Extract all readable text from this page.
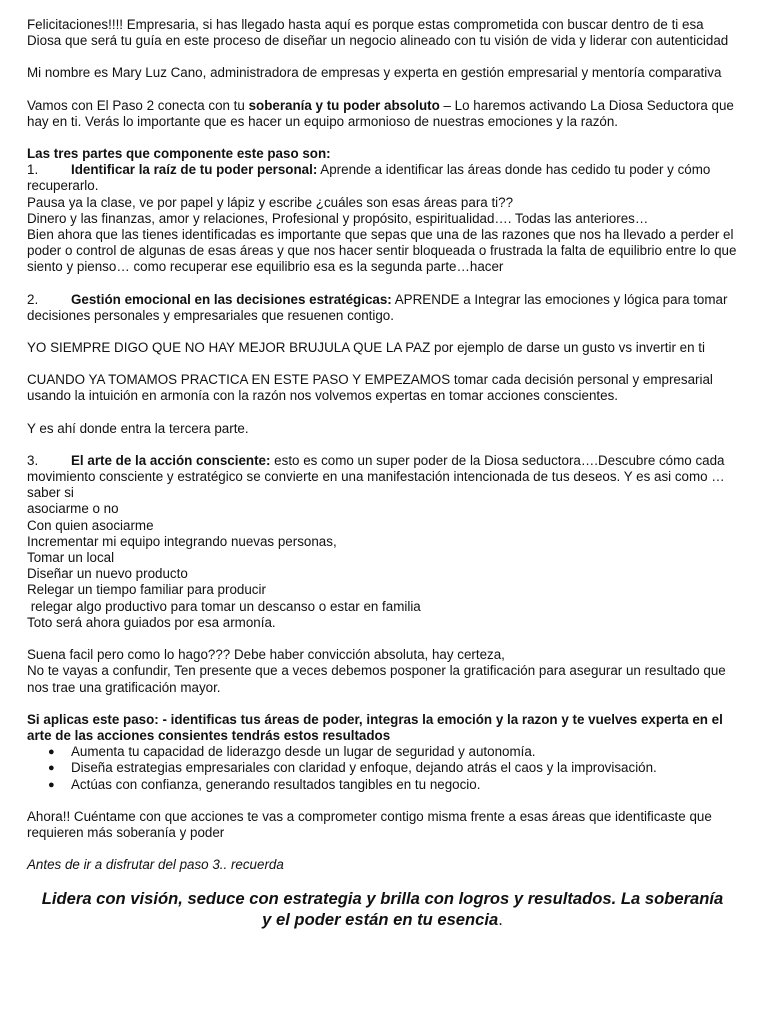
Felicitaciones!!!! Empresaria, si has llegado hasta aquí es porque estas comprometida con buscar dentro de ti esa Diosa que será tu guía en este proceso de diseñar un negocio alineado con tu visión de vida y liderar con autenticidad

Mi nombre es Mary Luz Cano, administradora de empresas y experta en gestión empresarial y mentoría comparativa

Vamos con El Paso 2 conecta con tu soberanía y tu poder absoluto – Lo haremos activando La Diosa Seductora que hay en ti. Verás lo importante que es hacer un equipo armonioso de nuestras emociones y la razón.

Las tres partes que componente este paso son:

1. Identificar la raíz de tu poder personal: Aprende a identificar las áreas donde has cedido tu poder y cómo recuperarlo.

Pausa ya la clase, ve por papel y lápiz y escribe ¿cuáles son esas áreas para ti??

Dinero y las finanzas, amor y relaciones, Profesional y propósito, espiritualidad…. Todas las anteriores…

Bien ahora que las tienes identificadas es importante que sepas que una de las razones que nos ha llevado a perder el poder o control de algunas de esas áreas y que nos hacer sentir bloqueada o frustrada la falta de equilibrio entre lo que siento y pienso… como recuperar ese equilibrio esa es la segunda parte…hacer

2. Gestión emocional en las decisiones estratégicas: APRENDE a Integrar las emociones y lógica para tomar decisiones personales y empresariales que resuenen contigo.

YO SIEMPRE DIGO QUE NO HAY MEJOR BRUJULA QUE LA PAZ por ejemplo de darse un gusto vs invertir en ti

CUANDO YA TOMAMOS PRACTICA EN ESTE PASO Y EMPEZAMOS tomar cada decisión personal y empresarial usando la intuición en armonía con la razón nos volvemos expertas en tomar acciones conscientes.

Y es ahí donde entra la tercera parte.

3. El arte de la acción consciente: esto es como un super poder de la Diosa seductora….Descubre cómo cada movimiento consciente y estratégico se convierte en una manifestación intencionada de tus deseos. Y es asi como …saber si

asociarme o no

Con quien asociarme

Incrementar mi equipo integrando nuevas personas,

Tomar un local

Diseñar un nuevo producto

Relegar un tiempo familiar para producir

relegar algo productivo para tomar un descanso o estar en familia

Toto será ahora guiados por esa armonía.

Suena facil pero como lo hago??? Debe haber convicción absoluta, hay certeza,

No te vayas a confundir, Ten presente que a veces debemos posponer la gratificación para asegurar un resultado que nos trae una gratificación mayor.

Si aplicas este paso: - identificas tus áreas de poder, integras la emoción y la razon y te vuelves experta en el arte de las acciones consientes tendrás estos resultados

● Aumenta tu capacidad de liderazgo desde un lugar de seguridad y autonomía.
● Diseña estrategias empresariales con claridad y enfoque, dejando atrás el caos y la improvisación.
● Actúas con confianza, generando resultados tangibles en tu negocio.

Ahora!! Cuéntame con que acciones te vas a comprometer contigo misma frente a esas áreas que identificaste que requieren más soberanía y poder

Antes de ir a disfrutar del paso 3.. recuerda

Lidera con visión, seduce con estrategia y brilla con logros y resultados. La soberanía y el poder están en tu esencia.
